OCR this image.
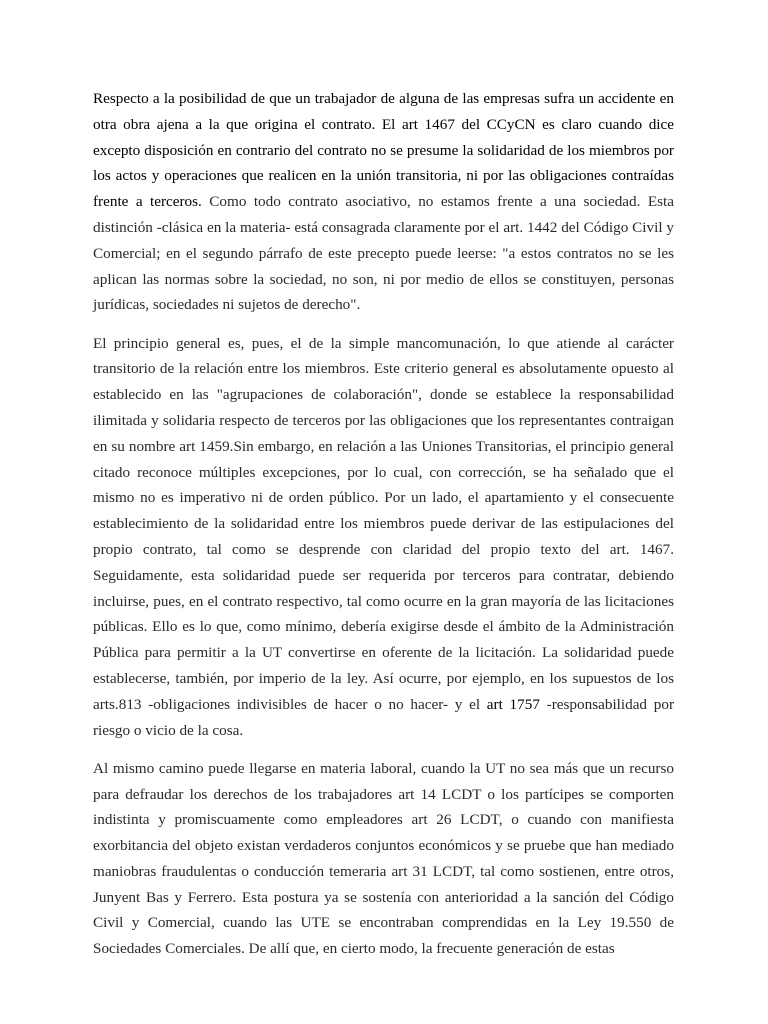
Respecto a la posibilidad de que un trabajador de alguna de las empresas sufra un accidente en otra obra ajena a la que origina el contrato. El art 1467 del CCyCN es claro cuando dice excepto disposición en contrario del contrato no se presume la solidaridad de los miembros por los actos y operaciones que realicen en la unión transitoria, ni por las obligaciones contraídas frente a terceros. Como todo contrato asociativo, no estamos frente a una sociedad. Esta distinción -clásica en la materia- está consagrada claramente por el art. 1442 del Código Civil y Comercial; en el segundo párrafo de este precepto puede leerse: "a estos contratos no se les aplican las normas sobre la sociedad, no son, ni por medio de ellos se constituyen, personas jurídicas, sociedades ni sujetos de derecho".

El principio general es, pues, el de la simple mancomunación, lo que atiende al carácter transitorio de la relación entre los miembros. Este criterio general es absolutamente opuesto al establecido en las "agrupaciones de colaboración", donde se establece la responsabilidad ilimitada y solidaria respecto de terceros por las obligaciones que los representantes contraigan en su nombre art 1459.Sin embargo, en relación a las Uniones Transitorias, el principio general citado reconoce múltiples excepciones, por lo cual, con corrección, se ha señalado que el mismo no es imperativo ni de orden público. Por un lado, el apartamiento y el consecuente establecimiento de la solidaridad entre los miembros puede derivar de las estipulaciones del propio contrato, tal como se desprende con claridad del propio texto del art. 1467. Seguidamente, esta solidaridad puede ser requerida por terceros para contratar, debiendo incluirse, pues, en el contrato respectivo, tal como ocurre en la gran mayoría de las licitaciones públicas. Ello es lo que, como mínimo, debería exigirse desde el ámbito de la Administración Pública para permitir a la UT convertirse en oferente de la licitación. La solidaridad puede establecerse, también, por imperio de la ley. Así ocurre, por ejemplo, en los supuestos de los arts.813 -obligaciones indivisibles de hacer o no hacer- y el art 1757 -responsabilidad por riesgo o vicio de la cosa.

Al mismo camino puede llegarse en materia laboral, cuando la UT no sea más que un recurso para defraudar los derechos de los trabajadores art 14 LCDT o los partícipes se comporten indistinta y promiscuamente como empleadores art 26 LCDT, o cuando con manifiesta exorbitancia del objeto existan verdaderos conjuntos económicos y se pruebe que han mediado maniobras fraudulentas o conducción temeraria art 31 LCDT, tal como sostienen, entre otros, Junyent Bas y Ferrero. Esta postura ya se sostenía con anterioridad a la sanción del Código Civil y Comercial, cuando las UTE se encontraban comprendidas en la Ley 19.550 de Sociedades Comerciales. De allí que, en cierto modo, la frecuente generación de estas
